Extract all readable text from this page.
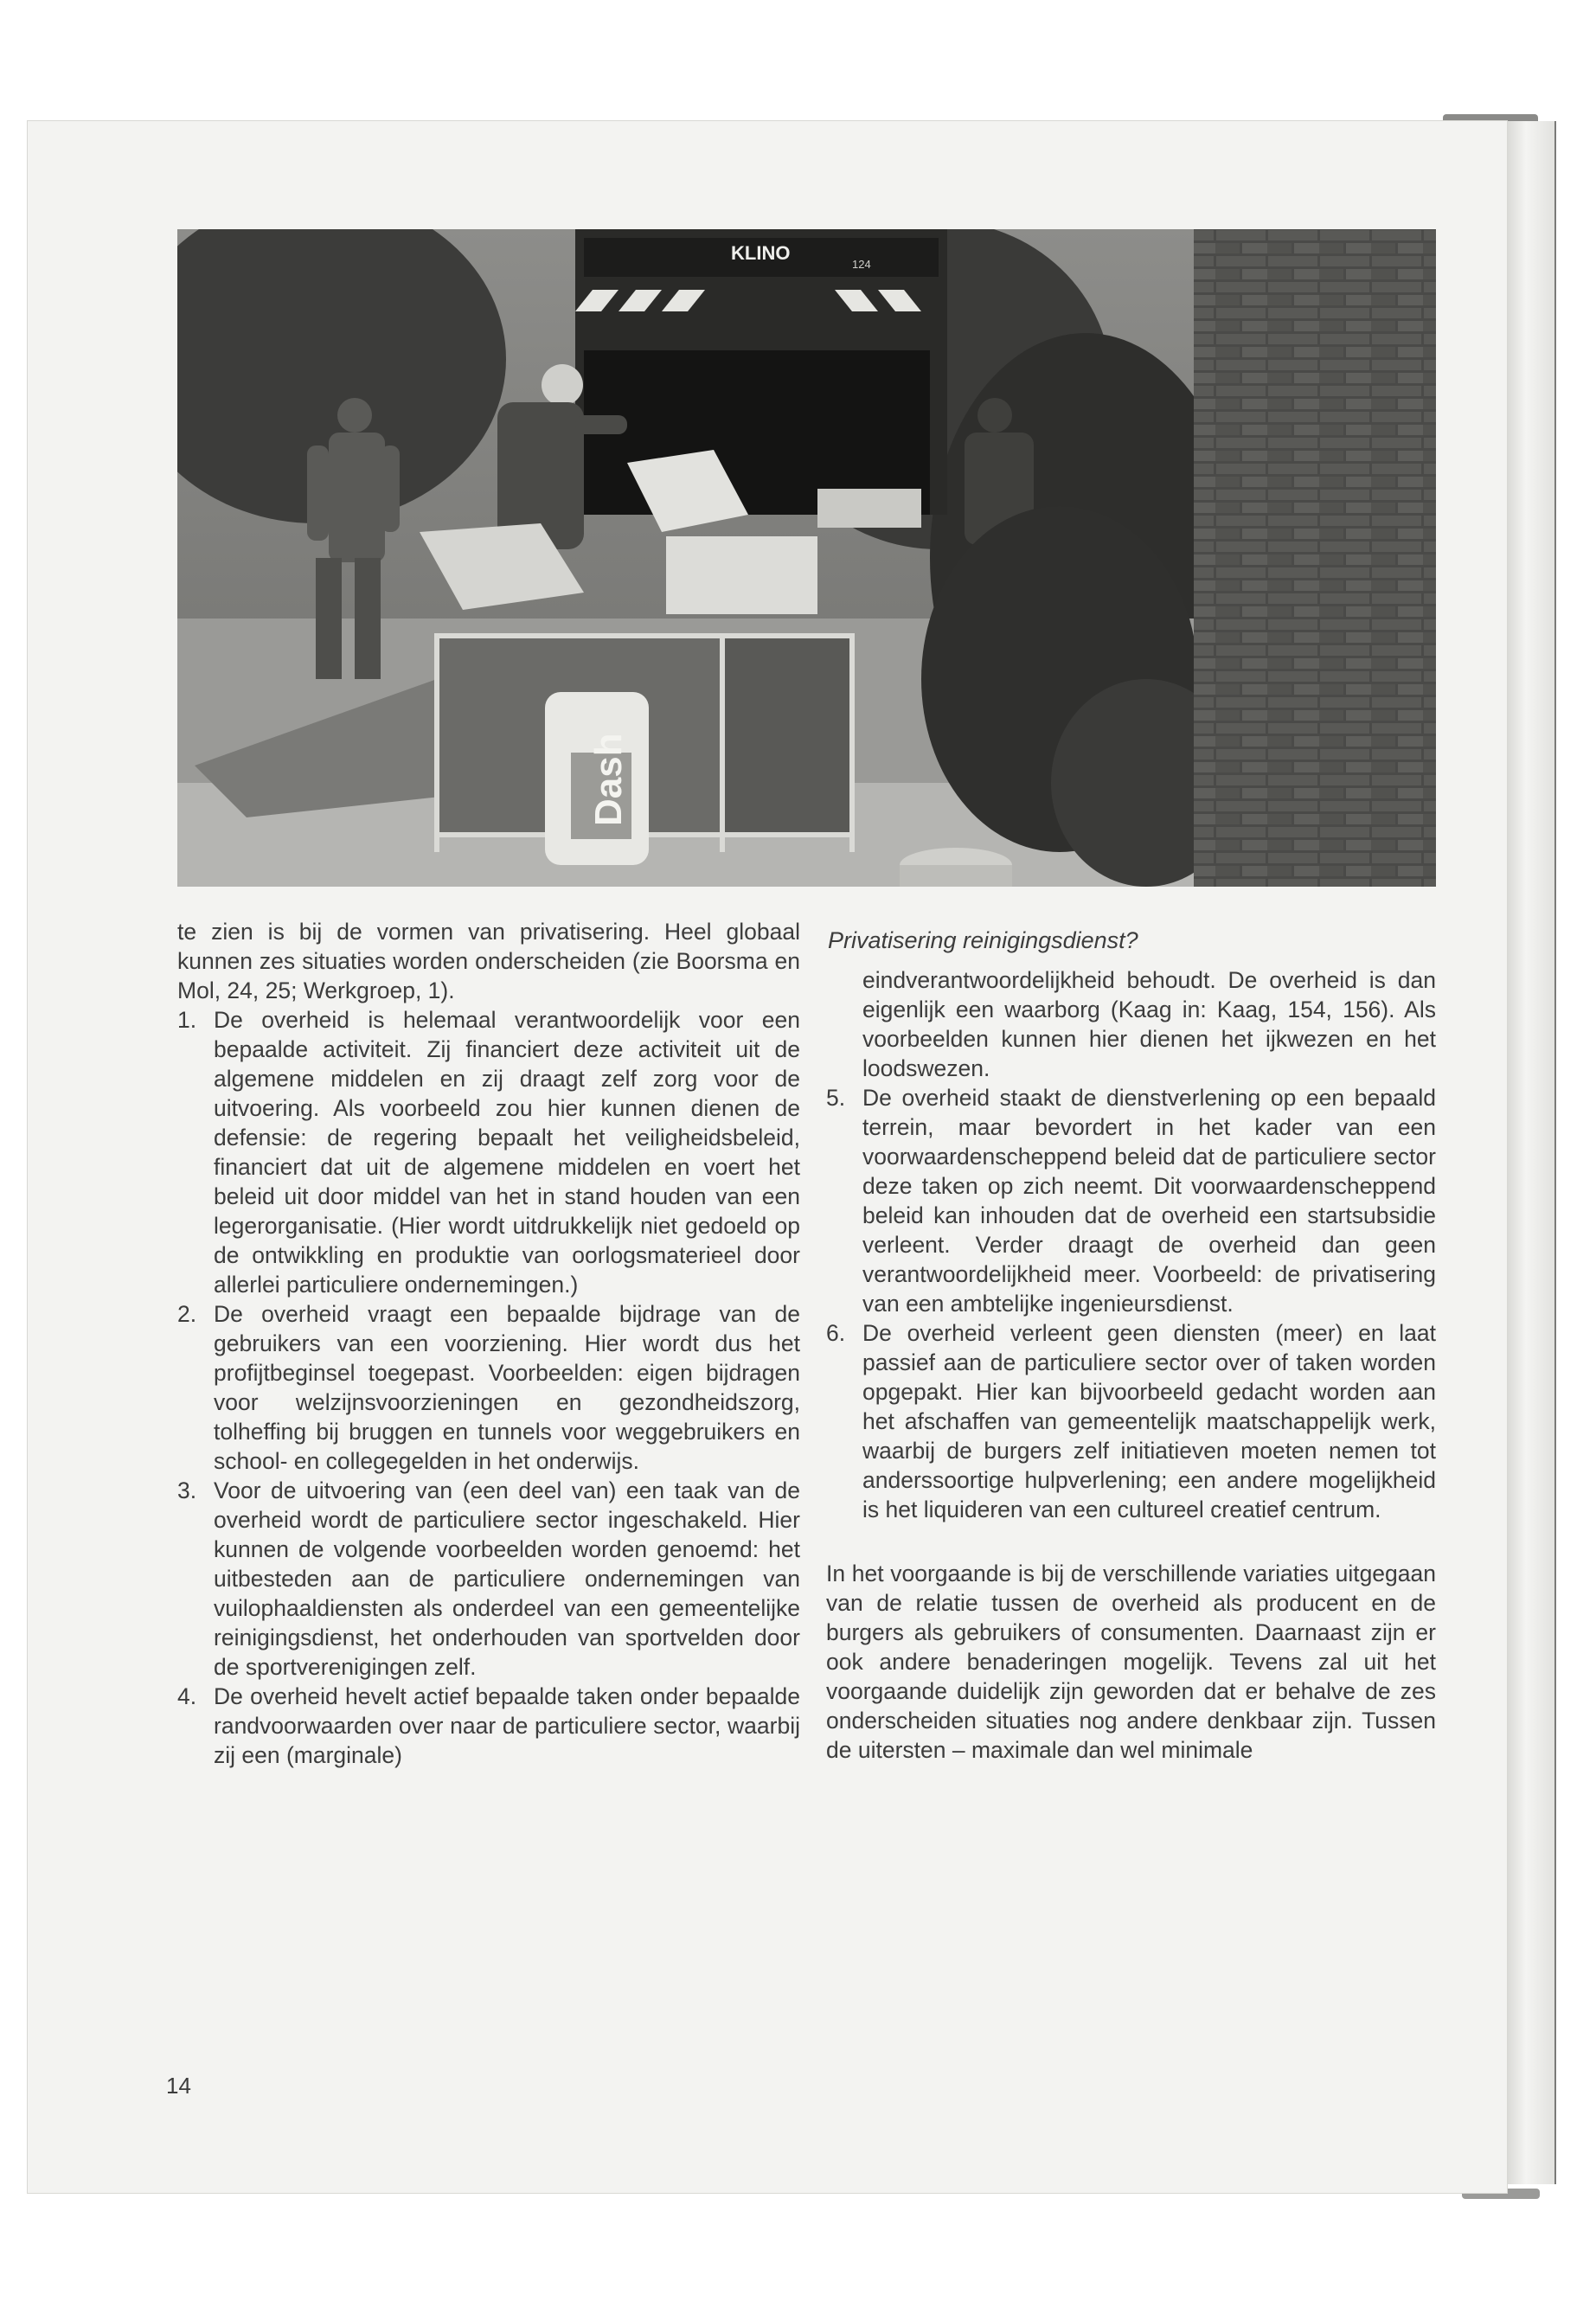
KLINO
124
Dash

te zien is bij de vormen van privatisering. Heel globaal kunnen zes situaties worden onderscheiden (zie Boorsma en Mol, 24, 25; Werkgroep, 1).

1. De overheid is helemaal verantwoordelijk voor een bepaalde activiteit. Zij financiert deze activiteit uit de algemene middelen en zij draagt zelf zorg voor de uitvoering. Als voorbeeld zou hier kunnen dienen de defensie: de regering bepaalt het veiligheidsbeleid, financiert dat uit de algemene middelen en voert het beleid uit door middel van het in stand houden van een legerorganisatie. (Hier wordt uitdrukkelijk niet gedoeld op de ontwikkling en produktie van oorlogsmaterieel door allerlei particuliere ondernemingen.)
2. De overheid vraagt een bepaalde bijdrage van de gebruikers van een voorziening. Hier wordt dus het profijtbeginsel toegepast. Voorbeelden: eigen bijdragen voor welzijnsvoorzieningen en gezondheidszorg, tolheffing bij bruggen en tunnels voor weggebruikers en school- en collegegelden in het onderwijs.
3. Voor de uitvoering van (een deel van) een taak van de overheid wordt de particuliere sector ingeschakeld. Hier kunnen de volgende voorbeelden worden genoemd: het uitbesteden aan de particuliere ondernemingen van vuilophaaldiensten als onderdeel van een gemeentelijke reinigingsdienst, het onderhouden van sportvelden door de sportverenigingen zelf.
4. De overheid hevelt actief bepaalde taken onder bepaalde randvoorwaarden over naar de particuliere sector, waarbij zij een (marginale)

Privatisering reinigingsdienst?

eindverantwoordelijkheid behoudt. De overheid is dan eigenlijk een waarborg (Kaag in: Kaag, 154, 156). Als voorbeelden kunnen hier dienen het ijkwezen en het loodswezen.

5. De overheid staakt de dienstverlening op een bepaald terrein, maar bevordert in het kader van een voorwaardenscheppend beleid dat de particuliere sector deze taken op zich neemt. Dit voorwaardenscheppend beleid kan inhouden dat de overheid een startsubsidie verleent. Verder draagt de overheid dan geen verantwoordelijkheid meer. Voorbeeld: de privatisering van een ambtelijke ingenieursdienst.
6. De overheid verleent geen diensten (meer) en laat passief aan de particuliere sector over of taken worden opgepakt. Hier kan bijvoorbeeld gedacht worden aan het afschaffen van gemeentelijk maatschappelijk werk, waarbij de burgers zelf initiatieven moeten nemen tot anderssoortige hulpverlening; een andere mogelijkheid is het liquideren van een cultureel creatief centrum.

In het voorgaande is bij de verschillende variaties uitgegaan van de relatie tussen de overheid als producent en de burgers als gebruikers of consumenten. Daarnaast zijn er ook andere benaderingen mogelijk. Tevens zal uit het voorgaande duidelijk zijn geworden dat er behalve de zes onderscheiden situaties nog andere denkbaar zijn. Tussen de uitersten – maximale dan wel minimale

14
